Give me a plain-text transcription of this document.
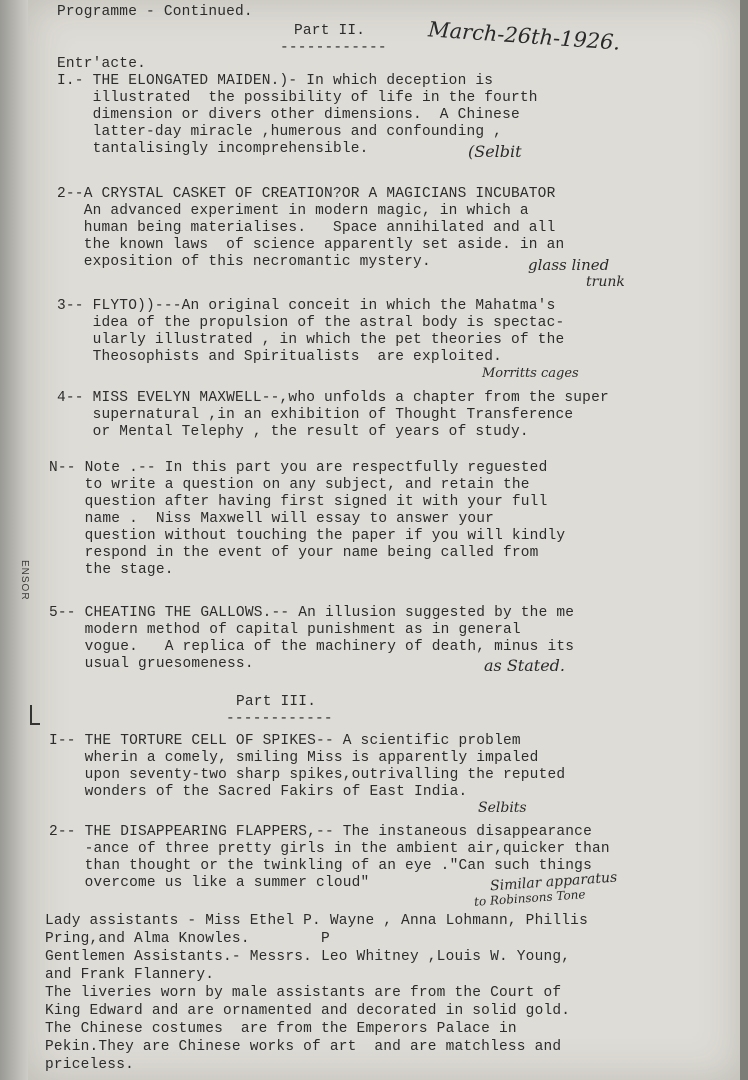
Programme - Continued.

Part II.

------------ March-26th-1926.

Entr'acte.

I.- THE ELONGATED MAIDEN.)- In which deception is

illustrated  the possibility of life in the fourth

dimension or divers other dimensions.  A Chinese

latter-day miracle ,humerous and confounding ,

tantalisingly incomprehensible.	(Selbit

2--A CRYSTAL CASKET OF CREATION?OR A MAGICIANS INCUBATOR

An advanced experiment in modern magic, in which a

human being materialises.   Space annihilated and all

the known laws  of science apparently set aside. in an

exposition of this necromantic mystery.	glass lined
trunk

3-- FLYTO))---An original conceit in which the Mahatma's

idea of the propulsion of the astral body is spectac-

ularly illustrated , in which the pet theories of the

Theosophists and Spiritualists  are exploited.

Morritts cages

4-- MISS EVELYN MAXWELL--,who unfolds a chapter from the super

supernatural ,in an exhibition of Thought Transference

or Mental Telephy , the result of years of study.

N-- Note .-- In this part you are respectfully reguested

to write a question on any subject, and retain the

question after having first signed it with your full

name .  Niss Maxwell will essay to answer your

question without touching the paper if you will kindly

respond in the event of your name being called from

the stage.

5-- CHEATING THE GALLOWS.-- An illusion suggested by the me

modern method of capital punishment as in general

vogue.   A replica of the machinery of death, minus its

usual gruesomeness.	as Stated.

Part III.

------------

I-- THE TORTURE CELL OF SPIKES-- A scientific problem

wherin a comely, smiling Miss is apparently impaled

upon seventy-two sharp spikes,outrivalling the reputed

wonders of the Sacred Fakirs of East India.

Selbits

2-- THE DISAPPEARING FLAPPERS,-- The instaneous disappearance

-ance of three pretty girls in the ambient air,quicker than

than thought or the twinkling of an eye ."Can such things

overcome us like a summer cloud"	Similar apparatus
to Robinsons Tone

Lady assistants - Miss Ethel P. Wayne , Anna Lohmann, Phillis

Pring,and Alma Knowles.        P

Gentlemen Assistants.- Messrs. Leo Whitney ,Louis W. Young,

and Frank Flannery.

The liveries worn by male assistants are from the Court of

King Edward and are ornamented and decorated in solid gold.

The Chinese costumes  are from the Emperors Palace in

Pekin.They are Chinese works of art  and are matchless and

priceless.

ENSOR
